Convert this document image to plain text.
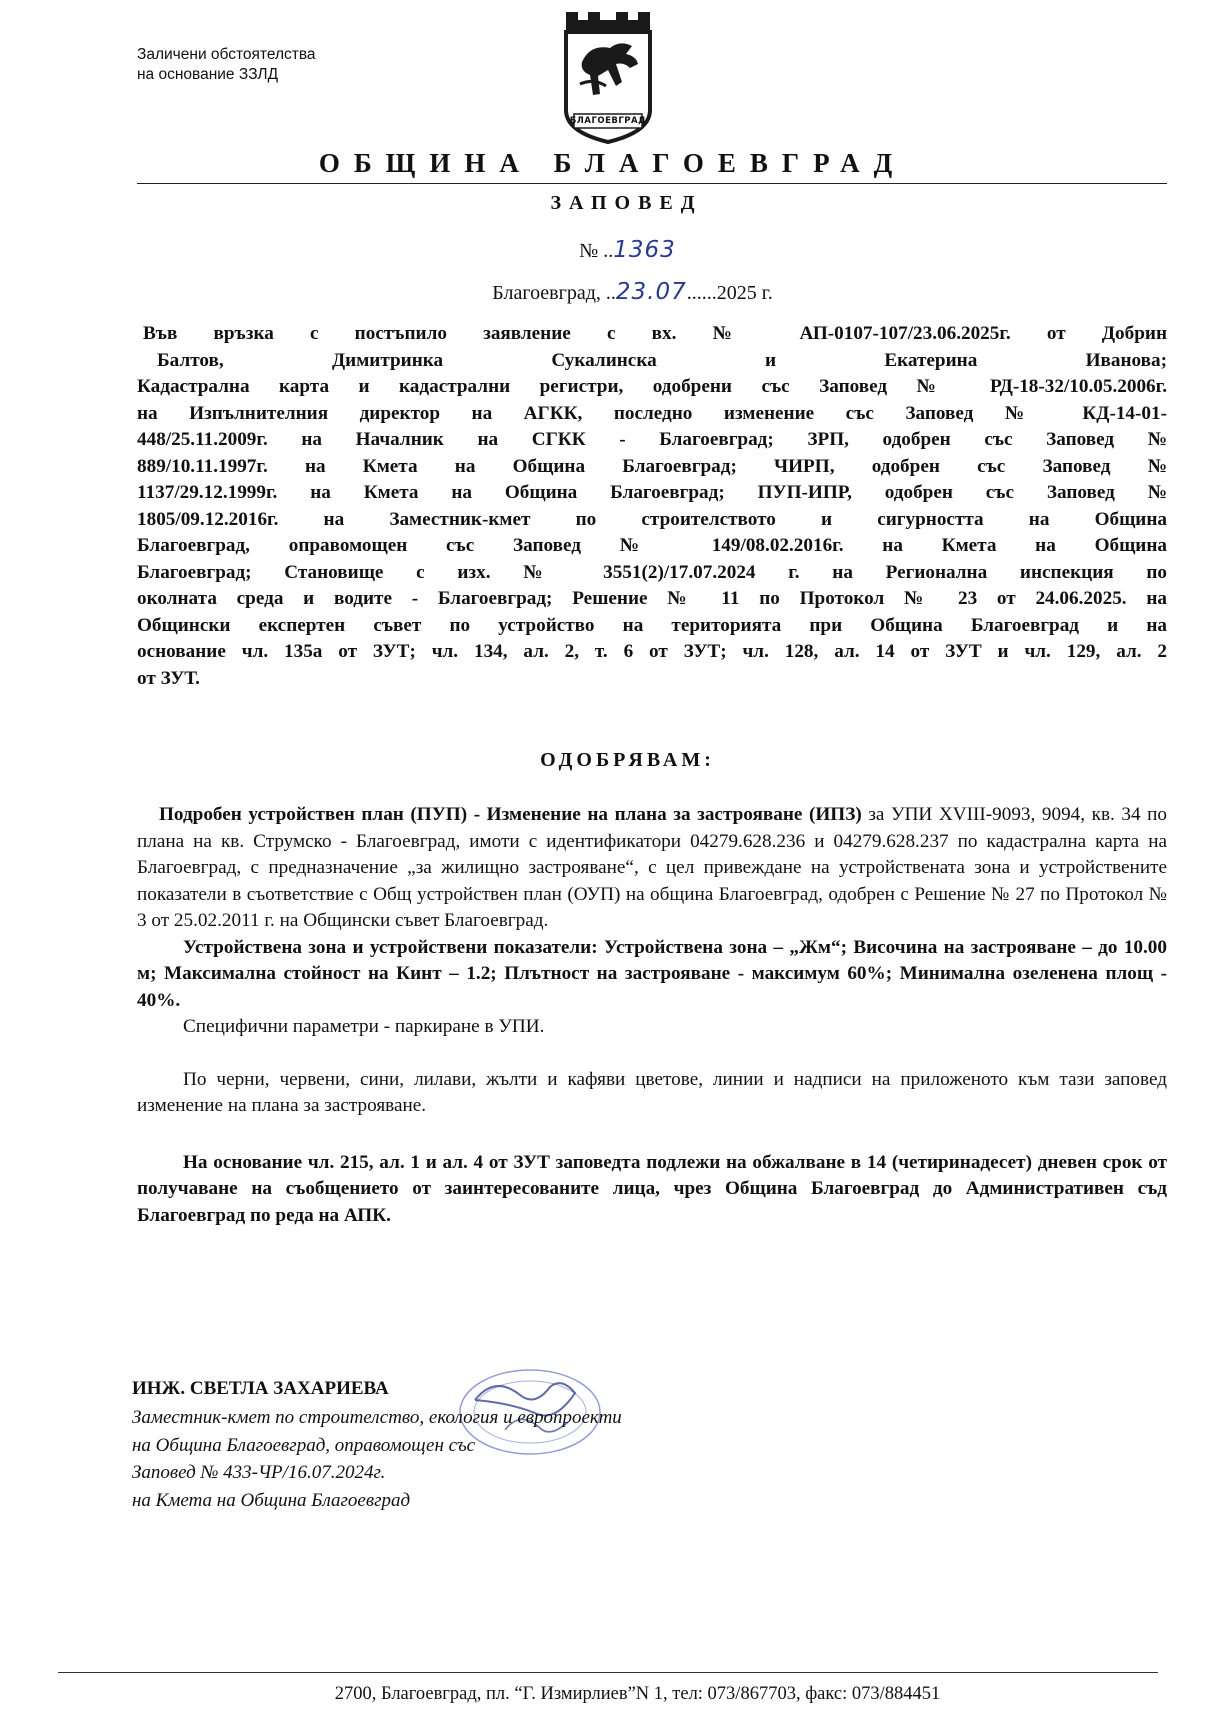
Заличени обстоятелства
на основание ЗЗЛД
БЛАГОЕВГРАД
ОБЩИНА БЛАГОЕВГРАД
ЗАПОВЕД
№ ..1363
Благоевград, ..23.07......2025 г.
Във връзка с постъпило заявление с вх. № АП-0107-107/23.06.2025г. от Добрин
Балтов, Димитринка Сукалинска и Екатерина Иванова;
Кадастрална карта и кадастрални регистри, одобрени със Заповед № РД-18-32/10.05.2006г.
на Изпълнителния директор на АГКК, последно изменение със Заповед № КД-14-01-
448/25.11.2009г. на Началник на СГКК - Благоевград; ЗРП, одобрен със Заповед №
889/10.11.1997г. на Кмета на Община Благоевград; ЧИРП, одобрен със Заповед №
1137/29.12.1999г. на Кмета на Община Благоевград; ПУП-ИПР, одобрен със Заповед №
1805/09.12.2016г. на Заместник-кмет по строителството и сигурността на Община
Благоевград, оправомощен със Заповед № 149/08.02.2016г. на Кмета на Община
Благоевград; Становище с изх. № 3551(2)/17.07.2024 г. на Регионална инспекция по
околната среда и водите - Благоевград; Решение № 11 по Протокол № 23 от 24.06.2025. на
Общински експертен съвет по устройство на територията при Община Благоевград и на
основание чл. 135а от ЗУТ; чл. 134, ал. 2, т. 6 от ЗУТ; чл. 128, ал. 14 от ЗУТ и чл. 129, ал. 2
от ЗУТ.
ОДОБРЯВАМ:
Подробен устройствен план (ПУП) - Изменение на плана за застрояване (ИПЗ) за УПИ XVIII-9093, 9094, кв. 34 по плана на кв. Струмско - Благоевград, имоти с идентификатори 04279.628.236 и 04279.628.237 по кадастрална карта на Благоевград, с предназначение „за жилищно застрояване“, с цел привеждане на устройствената зона и устройствените показатели в съответствие с Общ устройствен план (ОУП) на община Благоевград, одобрен с Решение № 27 по Протокол № 3 от 25.02.2011 г. на Общински съвет Благоевград.
Устройствена зона и устройствени показатели: Устройствена зона – „Жм“; Височина на застрояване – до 10.00 м; Максимална стойност на Кинт – 1.2; Плътност на застрояване - максимум 60%; Минимална озеленена площ - 40%.
Специфични параметри - паркиране в УПИ.
По черни, червени, сини, лилави, жълти и кафяви цветове, линии и надписи на приложеното към тази заповед изменение на плана за застрояване.
На основание чл. 215, ал. 1 и ал. 4 от ЗУТ заповедта подлежи на обжалване в 14 (четиринадесет) дневен срок от получаване на съобщението от заинтересованите лица, чрез Община Благоевград до Административен съд Благоевград по реда на АПК.
ИНЖ. СВЕТЛА ЗАХАРИЕВА
Заместник-кмет по строителство, екология и европроекти
на Община Благоевград, оправомощен със
Заповед № 433-ЧР/16.07.2024г.
на Кмета на Община Благоевград
2700, Благоевград, пл. “Г. Измирлиев”N 1, тел: 073/867703, факс: 073/884451
